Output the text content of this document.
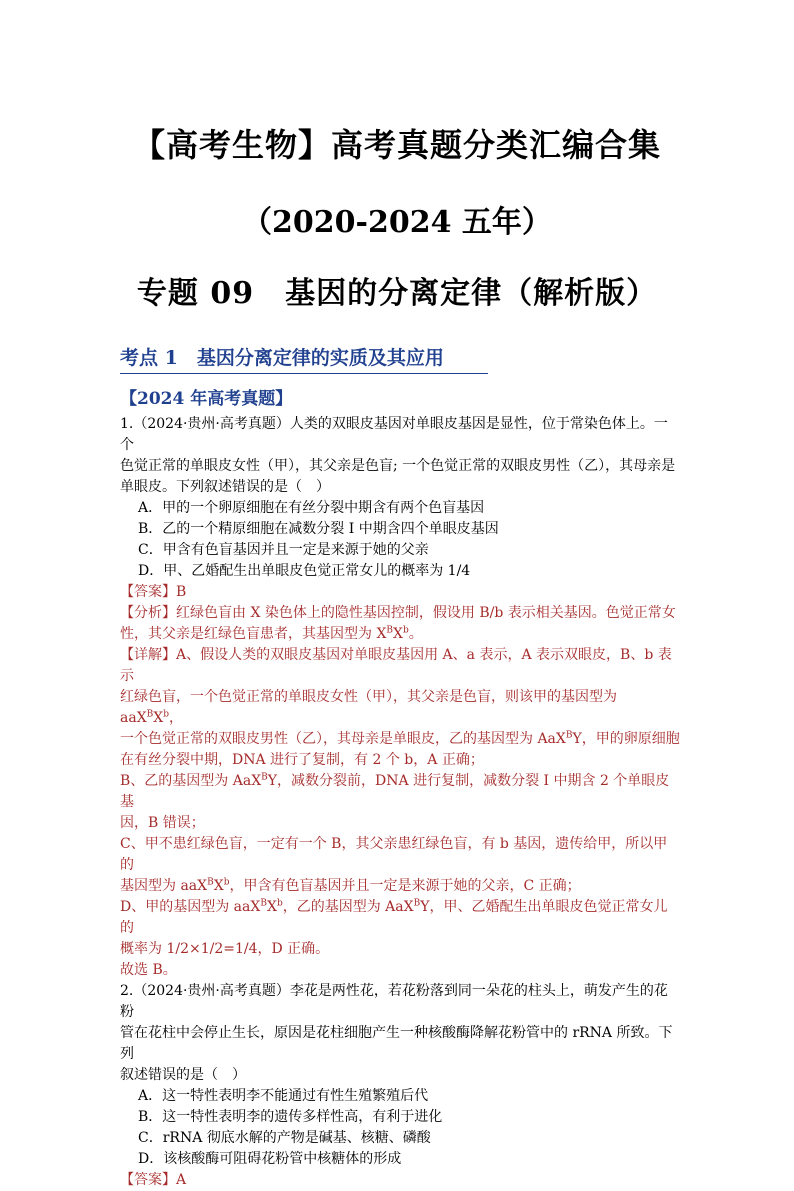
【高考生物】高考真题分类汇编合集
（2020-2024 五年）
专题 09　基因的分离定律（解析版）
考点 1　基因分离定律的实质及其应用
【2024 年高考真题】

1.（2024·贵州·高考真题）人类的双眼皮基因对单眼皮基因是显性，位于常染色体上。一个

色觉正常的单眼皮女性（甲），其父亲是色盲; 一个色觉正常的双眼皮男性（乙），其母亲是

单眼皮。下列叙述错误的是（　）

A．甲的一个卵原细胞在有丝分裂中期含有两个色盲基因

B．乙的一个精原细胞在减数分裂 I 中期含四个单眼皮基因

C．甲含有色盲基因并且一定是来源于她的父亲

D．甲、乙婚配生出单眼皮色觉正常女儿的概率为 1/4

【答案】B

【分析】红绿色盲由 X 染色体上的隐性基因控制，假设用 B/b 表示相关基因。色觉正常女

性，其父亲是红绿色盲患者，其基因型为 $X^BX^b$。

【详解】A、假设人类的双眼皮基因对单眼皮基因用 A、a 表示，A 表示双眼皮，B、b 表示

红绿色盲，一个色觉正常的单眼皮女性（甲），其父亲是色盲，则该甲的基因型为 $aaX^BX^b$，

一个色觉正常的双眼皮男性（乙），其母亲是单眼皮，乙的基因型为 AaX$^B$Y，甲的卵原细胞

在有丝分裂中期，DNA 进行了复制，有 2 个 b，A 正确；

B、乙的基因型为 AaX$^B$Y，减数分裂前，DNA 进行复制，减数分裂 I 中期含 2 个单眼皮基

因，B 错误；

C、甲不患红绿色盲，一定有一个 B，其父亲患红绿色盲，有 b 基因，遗传给甲，所以甲的

基因型为 $aaX^BX^b$，甲含有色盲基因并且一定是来源于她的父亲，C 正确；

D、甲的基因型为 $aaX^BX^b$，乙的基因型为 AaX$^B$Y，甲、乙婚配生出单眼皮色觉正常女儿的

概率为 1/2×1/2=1/4，D 正确。

故选 B。

2.（2024·贵州·高考真题）李花是两性花，若花粉落到同一朵花的柱头上，萌发产生的花粉

管在花柱中会停止生长，原因是花柱细胞产生一种核酸酶降解花粉管中的 rRNA 所致。下列

叙述错误的是（　）

A．这一特性表明李不能通过有性生殖繁殖后代

B．这一特性表明李的遗传多样性高，有利于进化

C．rRNA 彻底水解的产物是碱基、核糖、磷酸

D．该核酸酶可阻碍花粉管中核糖体的形成

【答案】A
